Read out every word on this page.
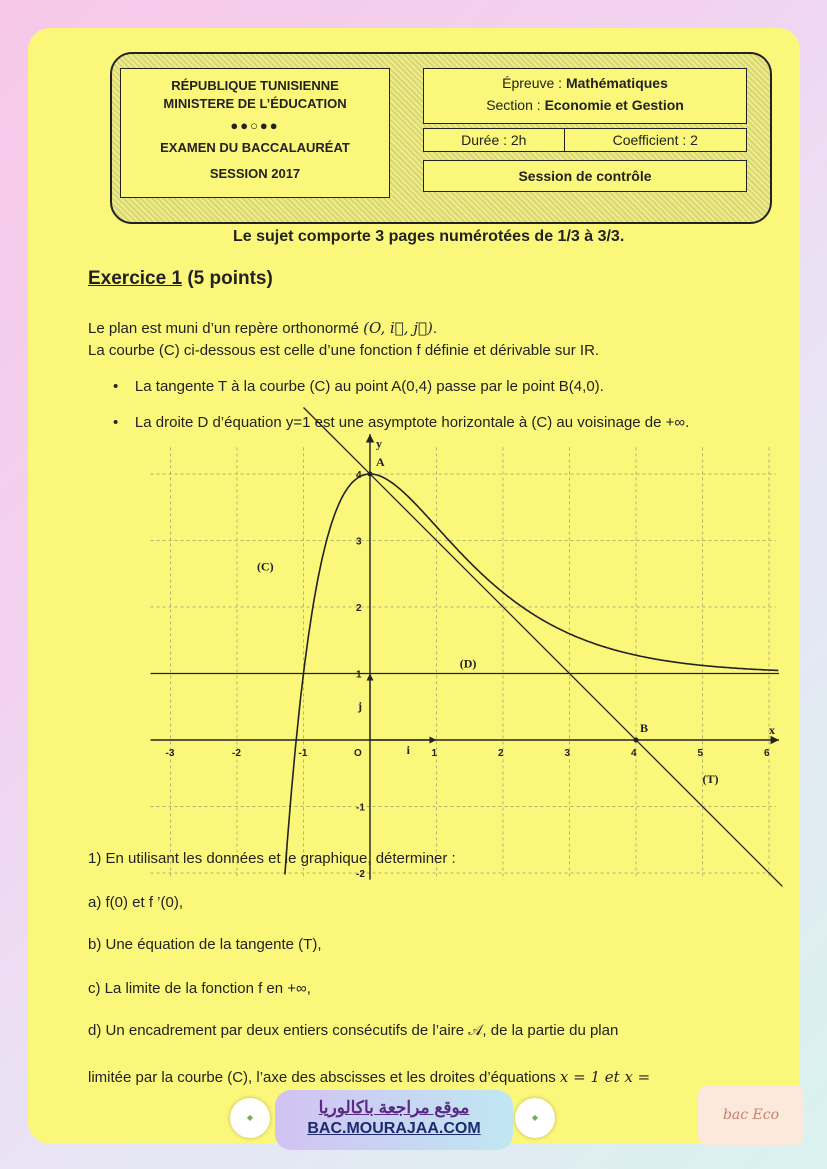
RÉPUBLIQUE TUNISIENNE
MINISTERE DE L’ÉDUCATION
●●○●●
EXAMEN DU BACCALAURÉAT
SESSION 2017
Épreuve : Mathématiques
Section : Economie et Gestion
Durée : 2h	Coefficient : 2
Session de contrôle
Le sujet comporte 3 pages numérotées de 1/3 à 3/3.
Exercice 1 (5 points)
Le plan est muni d’un repère orthonormé (O, i⃗, j⃗).
La courbe (C) ci-dessous est celle d’une fonction f définie et dérivable sur IR.
•    La tangente T à la courbe (C) au point A(0,4) passe par le point B(4,0).
•    La droite D d’équation y=1 est une asymptote horizontale à (C) au voisinage de +∞.
-3	-2	-1	O	1	2	3	4	5	6
4
3
2
1
-1
-2
A
B
(C)
(D)
(T)
x
y
i
j
1) En utilisant les données et le graphique, déterminer :
a) f(0) et f ’(0),
b) Une équation de la tangente (T),
c) La limite de la fonction f en +∞,
d) Un encadrement par deux entiers consécutifs de l’aire 𝒜, de la partie du plan
limitée par la courbe (C), l’axe des abscisses et les droites d’équations x = 1 et x =
◆
موقع مراجعة باكالوريا
BAC.MOURAJAA.COM
◆	bac Eco
